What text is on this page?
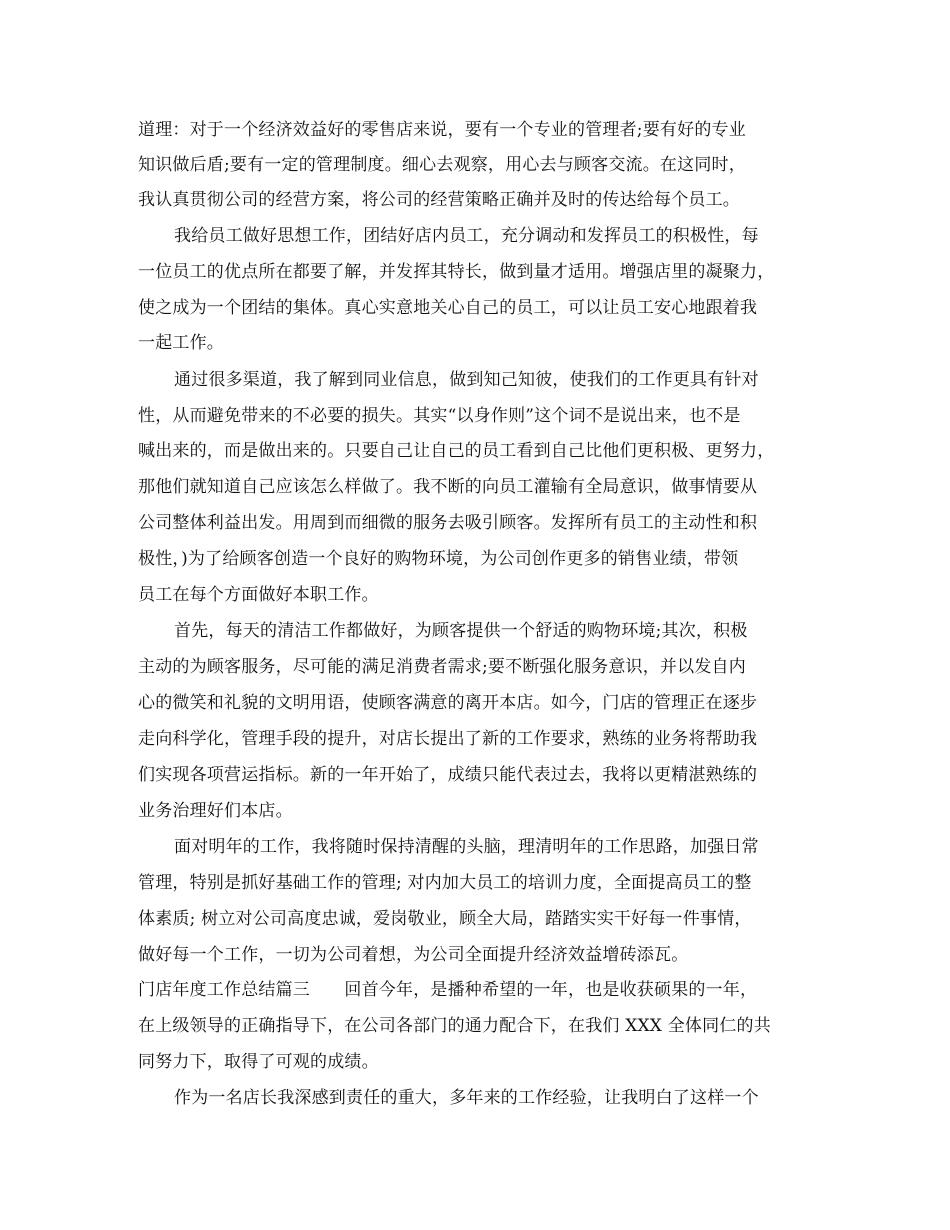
道理：对于一个经济效益好的零售店来说，要有一个专业的管理者;要有好的专业
知识做后盾;要有一定的管理制度。细心去观察，用心去与顾客交流。在这同时，
我认真贯彻公司的经营方案，将公司的经营策略正确并及时的传达给每个员工。
我给员工做好思想工作，团结好店内员工，充分调动和发挥员工的积极性，每
一位员工的优点所在都要了解，并发挥其特长，做到量才适用。增强店里的凝聚力，
使之成为一个团结的集体。真心实意地关心自己的员工，可以让员工安心地跟着我
一起工作。
通过很多渠道，我了解到同业信息，做到知己知彼，使我们的工作更具有针对
性，从而避免带来的不必要的损失。其实“以身作则”这个词不是说出来，也不是
喊出来的，而是做出来的。只要自己让自己的员工看到自己比他们更积极、更努力，
那他们就知道自己应该怎么样做了。我不断的向员工灌输有全局意识，做事情要从
公司整体利益出发。用周到而细微的服务去吸引顾客。发挥所有员工的主动性和积
极性，)为了给顾客创造一个良好的购物环境，为公司创作更多的销售业绩，带领
员工在每个方面做好本职工作。
首先，每天的清洁工作都做好，为顾客提供一个舒适的购物环境;其次，积极
主动的为顾客服务，尽可能的满足消费者需求;要不断强化服务意识，并以发自内
心的微笑和礼貌的文明用语，使顾客满意的离开本店。如今，门店的管理正在逐步
走向科学化，管理手段的提升，对店长提出了新的工作要求，熟练的业务将帮助我
们实现各项营运指标。新的一年开始了，成绩只能代表过去，我将以更精湛熟练的
业务治理好们本店。
面对明年的工作，我将随时保持清醒的头脑，理清明年的工作思路，加强日常
管理，特别是抓好基础工作的管理; 对内加大员工的培训力度，全面提高员工的整
体素质; 树立对公司高度忠诚，爱岗敬业，顾全大局，踏踏实实干好每一件事情，
做好每一个工作，一切为公司着想，为公司全面提升经济效益增砖添瓦。
门店年度工作总结篇三　　回首今年，是播种希望的一年，也是收获硕果的一年，
在上级领导的正确指导下，在公司各部门的通力配合下，在我们 XXX 全体同仁的共
同努力下，取得了可观的成绩。
作为一名店长我深感到责任的重大，多年来的工作经验，让我明白了这样一个
